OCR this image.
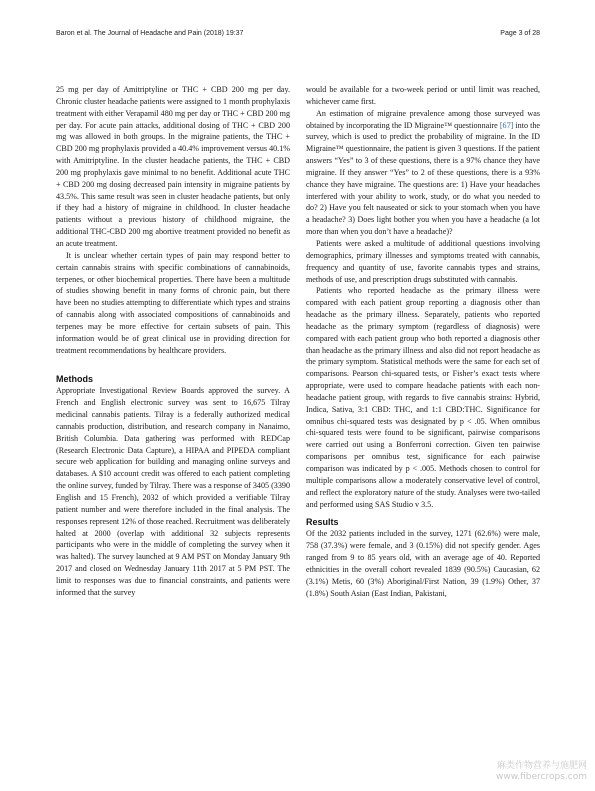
Baron et al. The Journal of Headache and Pain (2018) 19:37	Page 3 of 28

25 mg per day of Amitriptyline or THC + CBD 200 mg per day. Chronic cluster headache patients were assigned to 1 month prophylaxis treatment with either Verapamil 480 mg per day or THC + CBD 200 mg per day. For acute pain attacks, additional dosing of THC + CBD 200 mg was allowed in both groups. In the migraine patients, the THC + CBD 200 mg prophylaxis provided a 40.4% improvement versus 40.1% with Amitriptyline. In the cluster headache patients, the THC + CBD 200 mg prophylaxis gave minimal to no benefit. Additional acute THC + CBD 200 mg dosing decreased pain intensity in migraine patients by 43.5%. This same result was seen in cluster headache patients, but only if they had a history of migraine in childhood. In cluster headache patients without a previous history of childhood migraine, the additional THC-CBD 200 mg abortive treatment provided no benefit as an acute treatment.

It is unclear whether certain types of pain may respond better to certain cannabis strains with specific combinations of cannabinoids, terpenes, or other biochemical properties. There have been a multitude of studies showing benefit in many forms of chronic pain, but there have been no studies attempting to differentiate which types and strains of cannabis along with associated compositions of cannabinoids and terpenes may be more effective for certain subsets of pain. This information would be of great clinical use in providing direction for treatment recommendations by healthcare providers.

Methods

Appropriate Investigational Review Boards approved the survey. A French and English electronic survey was sent to 16,675 Tilray medicinal cannabis patients. Tilray is a federally authorized medical cannabis production, distribution, and research company in Nanaimo, British Columbia. Data gathering was performed with REDCap (Research Electronic Data Capture), a HIPAA and PIPEDA compliant secure web application for building and managing online surveys and databases. A $10 account credit was offered to each patient completing the online survey, funded by Tilray. There was a response of 3405 (3390 English and 15 French), 2032 of which provided a verifiable Tilray patient number and were therefore included in the final analysis. The responses represent 12% of those reached. Recruitment was deliberately halted at 2000 (overlap with additional 32 subjects represents participants who were in the middle of completing the survey when it was halted). The survey launched at 9 AM PST on Monday January 9th 2017 and closed on Wednesday January 11th 2017 at 5 PM PST. The limit to responses was due to financial constraints, and patients were informed that the survey

would be available for a two-week period or until limit was reached, whichever came first.

An estimation of migraine prevalence among those surveyed was obtained by incorporating the ID Migraine™ questionnaire [67] into the survey, which is used to predict the probability of migraine. In the ID Migraine™ questionnaire, the patient is given 3 questions. If the patient answers “Yes” to 3 of these questions, there is a 97% chance they have migraine. If they answer “Yes” to 2 of these questions, there is a 93% chance they have migraine. The questions are: 1) Have your headaches interfered with your ability to work, study, or do what you needed to do? 2) Have you felt nauseated or sick to your stomach when you have a headache? 3) Does light bother you when you have a headache (a lot more than when you don’t have a headache)?

Patients were asked a multitude of additional questions involving demographics, primary illnesses and symptoms treated with cannabis, frequency and quantity of use, favorite cannabis types and strains, methods of use, and prescription drugs substituted with cannabis.

Patients who reported headache as the primary illness were compared with each patient group reporting a diagnosis other than headache as the primary illness. Separately, patients who reported headache as the primary symptom (regardless of diagnosis) were compared with each patient group who both reported a diagnosis other than headache as the primary illness and also did not report headache as the primary symptom. Statistical methods were the same for each set of comparisons. Pearson chi-squared tests, or Fisher’s exact tests where appropriate, were used to compare headache patients with each non-headache patient group, with regards to five cannabis strains: Hybrid, Indica, Sativa, 3:1 CBD: THC, and 1:1 CBD:THC. Significance for omnibus chi-squared tests was designated by p < .05. When omnibus chi-squared tests were found to be significant, pairwise comparisons were carried out using a Bonferroni correction. Given ten pairwise comparisons per omnibus test, significance for each pairwise comparison was indicated by p < .005. Methods chosen to control for multiple comparisons allow a moderately conservative level of control, and reflect the exploratory nature of the study. Analyses were two-tailed and performed using SAS Studio v 3.5.

Results

Of the 2032 patients included in the survey, 1271 (62.6%) were male, 758 (37.3%) were female, and 3 (0.15%) did not specify gender. Ages ranged from 9 to 85 years old, with an average age of 40. Reported ethnicities in the overall cohort revealed 1839 (90.5%) Caucasian, 62 (3.1%) Metis, 60 (3%) Aboriginal/First Nation, 39 (1.9%) Other, 37 (1.8%) South Asian (East Indian, Pakistani,

麻类作物营养与施肥网
www.fibercrops.com
